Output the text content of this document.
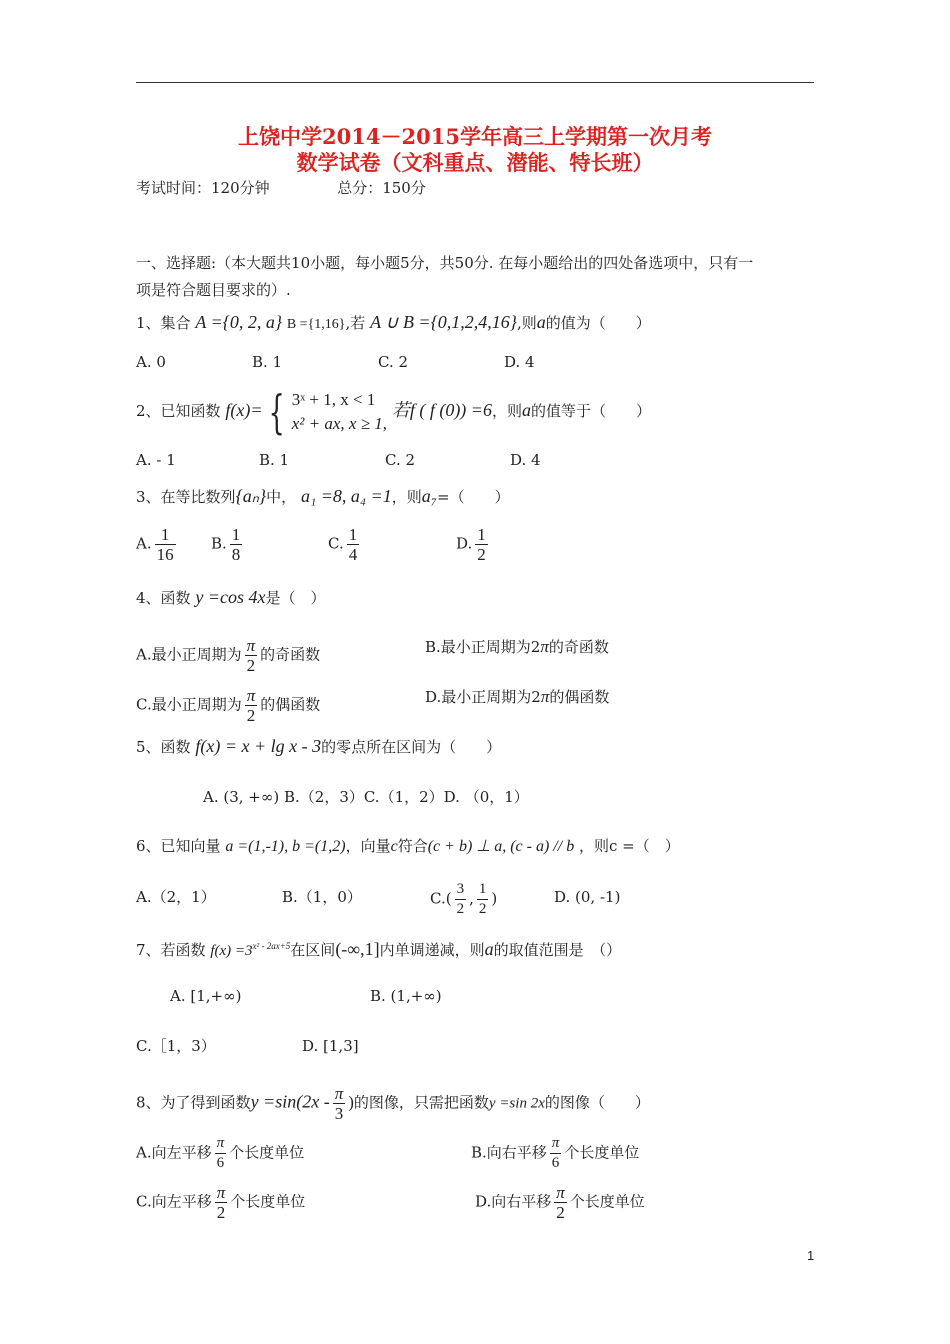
上饶中学2014－2015学年高三上学期第一次月考
数学试卷（文科重点、潜能、特长班）
考试时间：120分钟	总分：150分
一、选择题:（本大题共10小题，每小题5分，共50分. 在每小题给出的四处备选项中，只有一
项是符合题目要求的）.
1、集合 A ={0, 2, a} B ={1,16},若 A ∪ B ={0,1,2,4,16},则a的值为（　　）
A. 0	B. 1	C. 2	D. 4
2、已知函数 f(x)= { 3ˣ + 1, x < 1
x² + ax, x ≥ 1,
若f ( f (0)) =6，则a的值等于（　　）
A. - 1	B. 1	C. 2	D. 4
3、在等比数列{aₙ}中， a₁ =8, a₄ =1，则a₇=（　　）
A. $\frac{1}{16} B$. $\frac{1}{8}$	C. $\frac{1}{4}$	D. $\frac{1}{2}$
4、函数 y =cos 4x是（　）
A.最小正周期为 $\frac{\pi}{2}$ 的奇函数	B.最小正周期为2π的奇函数
C.最小正周期为 $\frac{\pi}{2}$ 的偶函数	D.最小正周期为2π的偶函数
5、函数 f(x) = x + lg x - 3的零点所在区间为（　　）
A. (3, +∞) B.（2，3）C.（1，2）D. （0，1）
6、已知向量 a =(1,-1), b =(1,2)，向量c符合(c + b) ⊥ a, (c - a) // b ，则c =（　）
A.（2，1）	B.（1，0）	$C.( \frac{3}{2}$ , $\frac{1}{2}$ )	D. (0, -1)
7、若函数 $f(x) =3^{x^2 - 2ax+5}$在区间(-∞,1]内单调递减，则a的取值范围是　（）
A. [1,+∞)	B. (1,+∞)
C.［1，3）	D. [1,3]
8、为了得到函数$y =\sin(2x - \frac{\pi}{3}$ )的图像，只需把函数y =sin 2x的图像（　　）
A.向左平移 $\frac{\pi}{6}$ 个长度单位	B.向右平移 $\frac{\pi}{6}$ 个长度单位
C.向左平移 $\frac{\pi}{2}$ 个长度单位	D.向右平移 $\frac{\pi}{2}$ 个长度单位
1
